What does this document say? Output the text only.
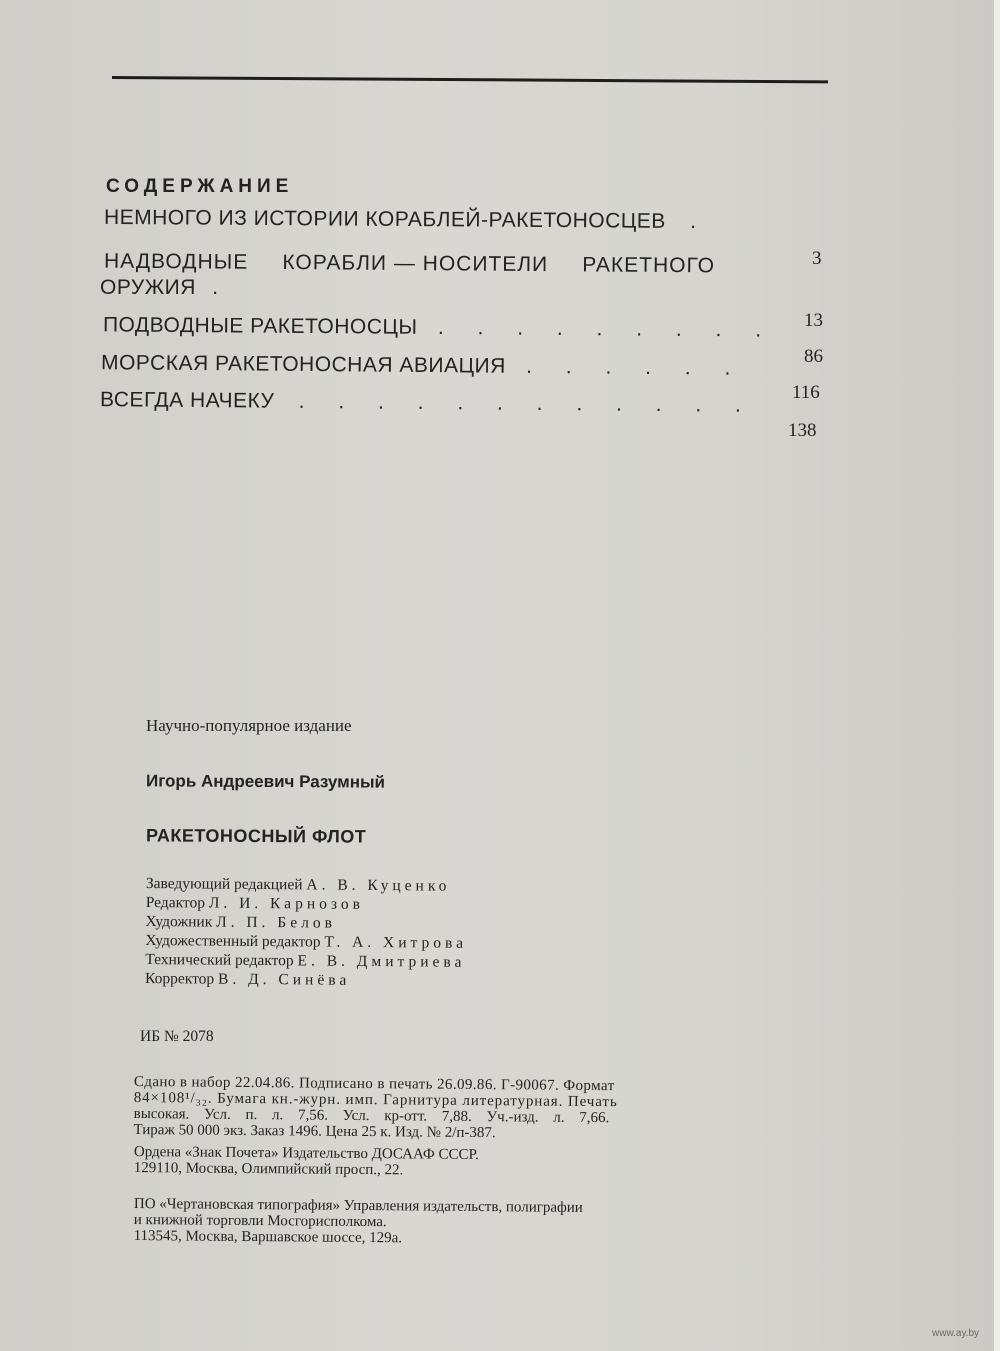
СОДЕРЖАНИЕ
НЕМНОГО ИЗ ИСТОРИИ КОРАБЛЕЙ-РАКЕТОНОСЦЕВ .
3
НАДВОДНЫЕ     КОРАБЛИ — НОСИТЕЛИ     РАКЕТНОГО
ОРУЖИЯ .
13
ПОДВОДНЫЕ РАКЕТОНОСЦЫ . . . . . . . . .
86
МОРСКАЯ РАКЕТОНОСНАЯ АВИАЦИЯ . . . . . .
116
ВСЕГДА НАЧЕКУ . . . . . . . . . . . .
138
Научно-популярное издание
Игорь Андреевич Разумный
РАКЕТОНОСНЫЙ ФЛОТ
Заведующий редакцией А. В. Куценко
Редактор Л. И. Карнозов
Художник Л. П. Белов
Художественный редактор Т. А. Хитрова
Технический редактор Е. В. Дмитриева
Корректор В. Д. Синёва
ИБ № 2078
Сдано в набор 22.04.86. Подписано в печать 26.09.86. Г-90067. Формат
84×108¹/₃₂. Бумага кн.-журн. имп. Гарнитура литературная. Печать
высокая. Усл. п. л. 7,56. Усл. кр-отт. 7,88. Уч.-изд. л. 7,66.
Тираж 50 000 экз. Заказ 1496. Цена 25 к. Изд. № 2/п-387.
Ордена «Знак Почета» Издательство ДОСААФ СССР.
129110, Москва, Олимпийский просп., 22.
ПО «Чертановская типография» Управления издательств, полиграфии
и книжной торговли Мосгорисполкома.
113545, Москва, Варшавское шоссе, 129а.
www.ay.by
